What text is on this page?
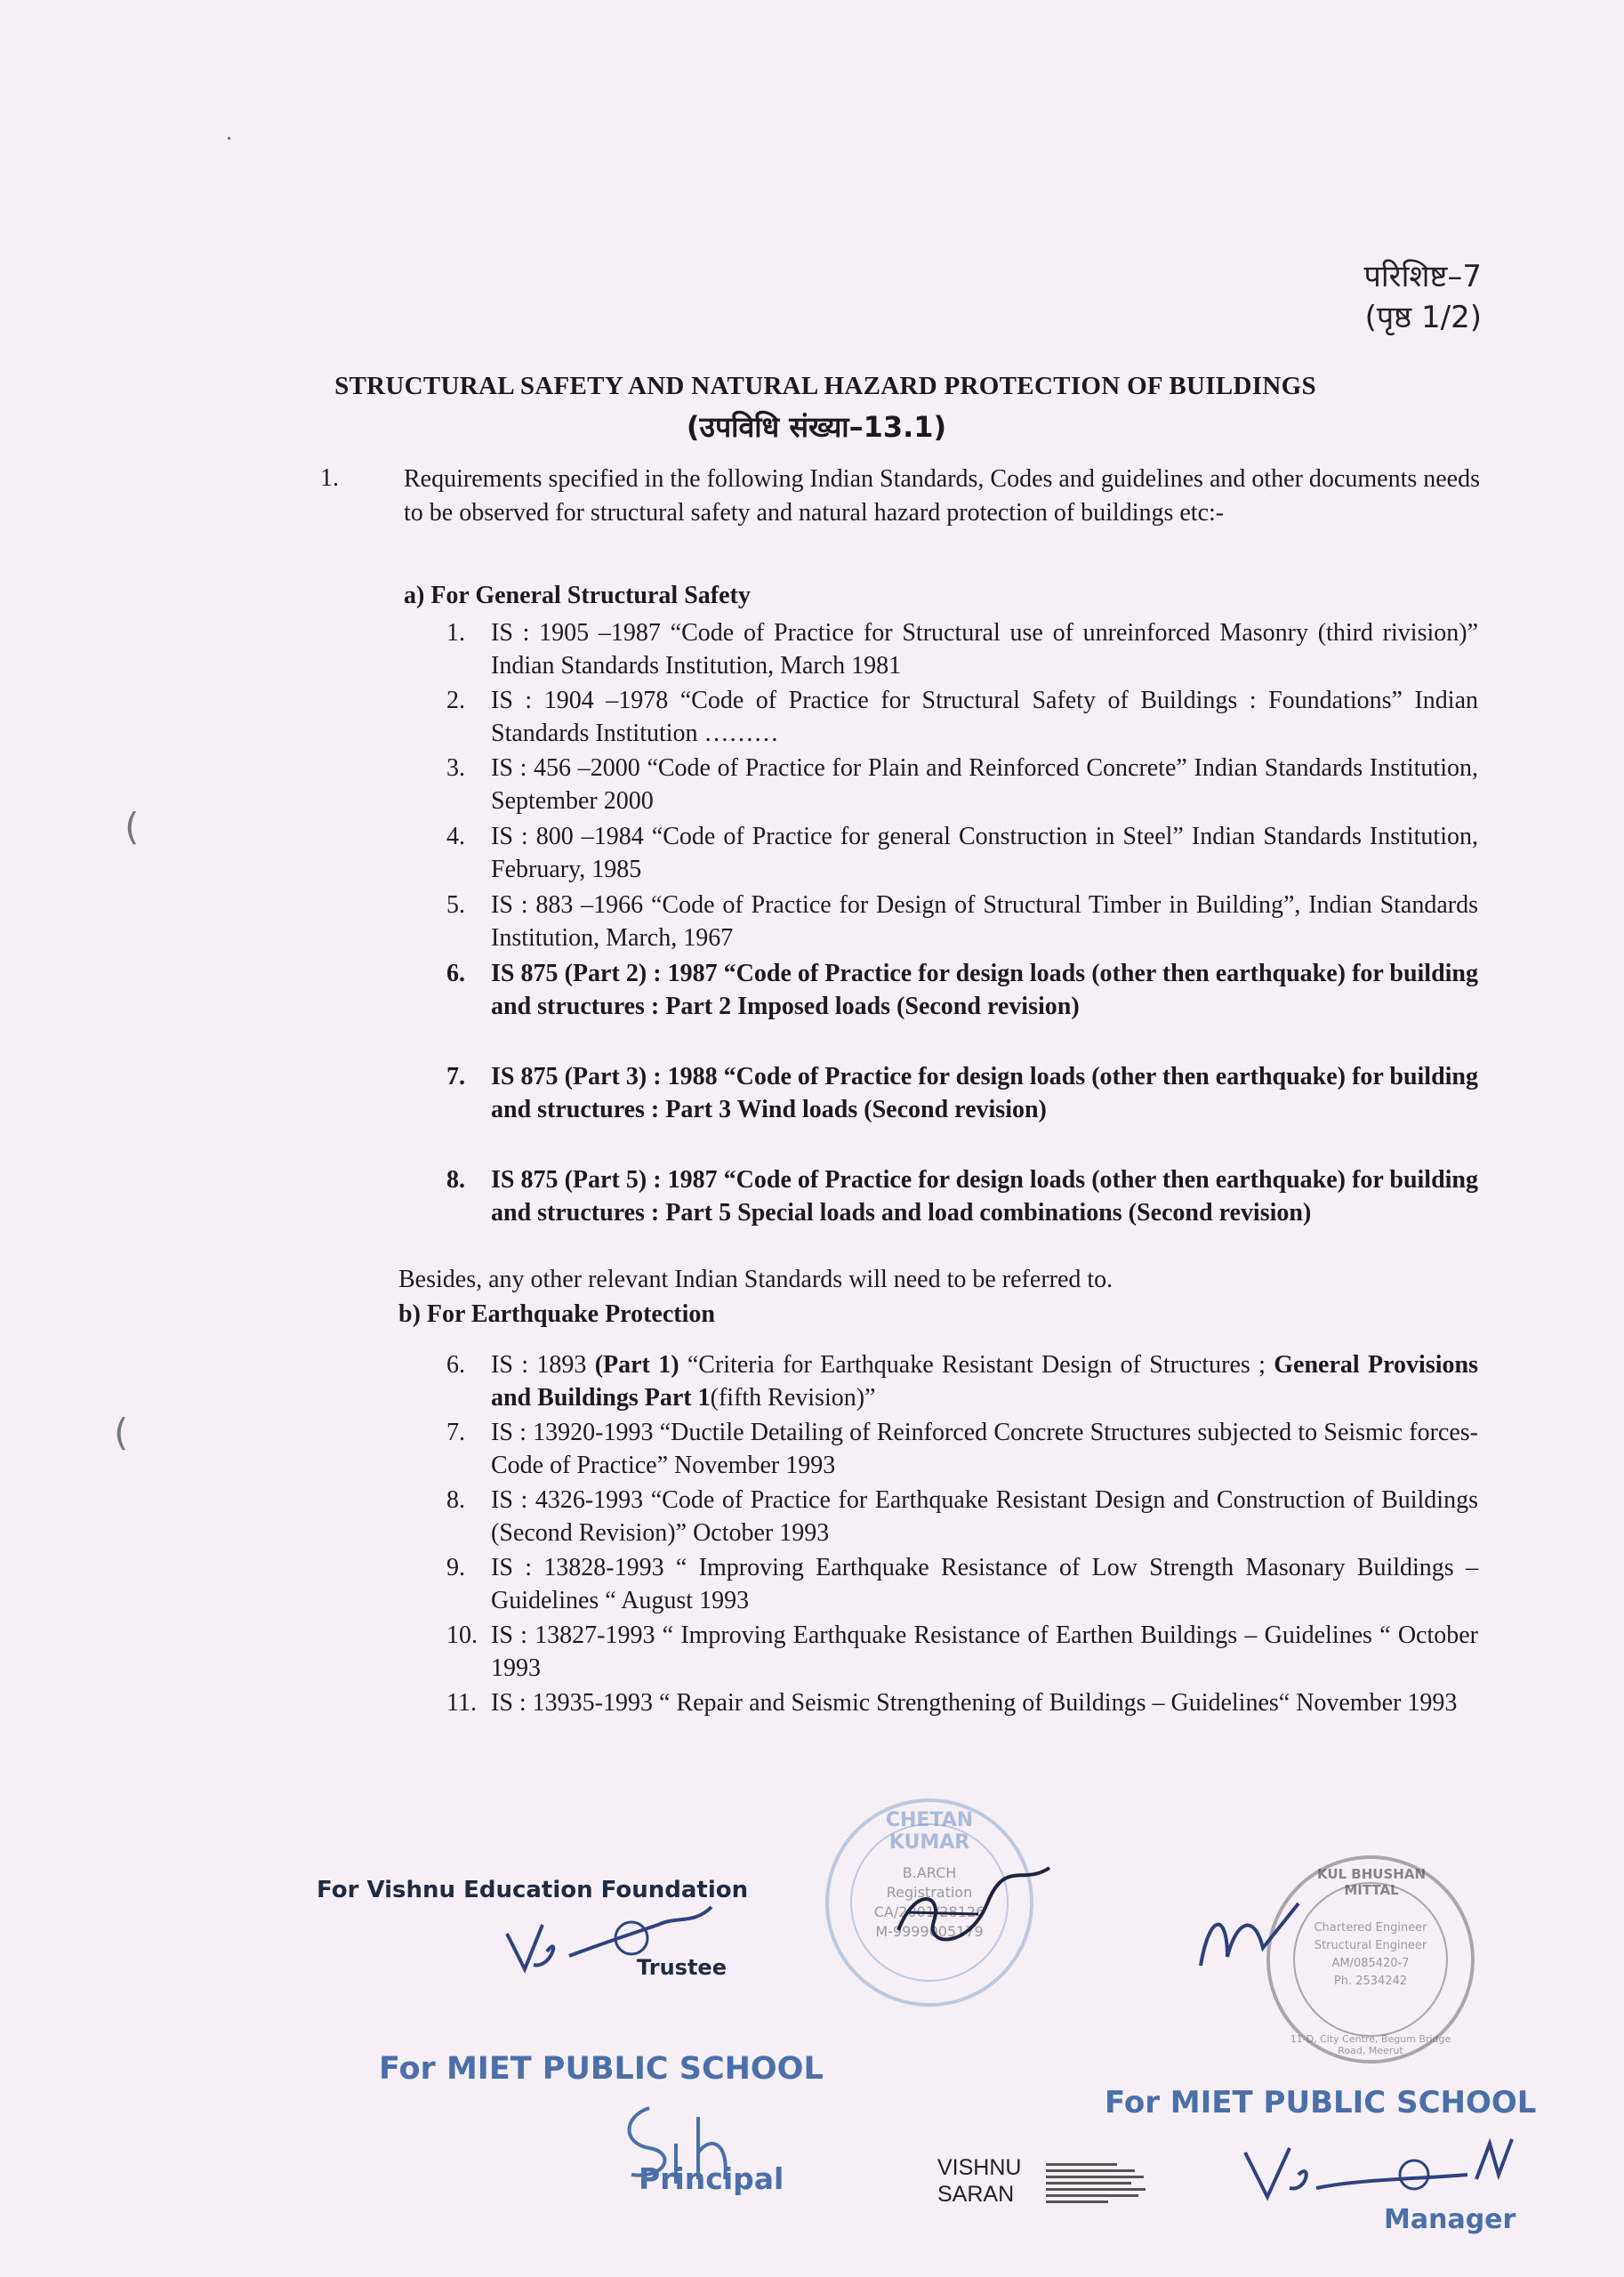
˙
(
(
परिशिष्ट–7
(पृष्ठ 1/2)
STRUCTURAL SAFETY AND NATURAL HAZARD PROTECTION OF BUILDINGS
(उपविधि संख्या–13.1)
1.	Requirements specified in the following Indian Standards, Codes and guidelines and other documents needs to be observed for structural safety and natural hazard protection of buildings etc:-
a) For General Structural Safety
1.	IS : 1905 –1987 “Code of Practice for Structural use of unreinforced Masonry (third rivision)” Indian Standards Institution, March 1981
2.	IS : 1904 –1978 “Code of Practice for Structural Safety of Buildings : Foundations” Indian Standards Institution ………
3.	IS : 456 –2000 “Code of Practice for Plain and Reinforced Concrete” Indian Standards Institution, September 2000
4.	IS : 800 –1984 “Code of Practice for general Construction in Steel” Indian Standards Institution, February, 1985
5.	IS : 883 –1966 “Code of Practice for Design of Structural Timber in Building”, Indian Standards Institution, March, 1967
6.	IS 875 (Part 2) : 1987 “Code of Practice for design loads (other then earthquake) for building and structures : Part 2 Imposed loads (Second revision)
7.	IS 875 (Part 3) : 1988 “Code of Practice for design loads (other then earthquake) for building and structures : Part 3 Wind loads (Second revision)
8.	IS 875 (Part 5) : 1987 “Code of Practice for design loads (other then earthquake) for building and structures : Part 5 Special loads and load combinations (Second revision)
Besides, any other relevant Indian Standards will need to be referred to.
b) For Earthquake Protection
6.	IS : 1893 (Part 1) “Criteria for Earthquake Resistant Design of Structures ; General Provisions and Buildings Part 1(fifth Revision)”
7.	IS : 13920-1993 “Ductile Detailing of Reinforced Concrete Structures subjected to Seismic forces- Code of Practice” November 1993
8.	IS : 4326-1993 “Code of Practice for Earthquake Resistant Design and Construction of Buildings (Second Revision)” October 1993
9.	IS : 13828-1993 “ Improving Earthquake Resistance of Low Strength Masonary Buildings – Guidelines “ August 1993
10. IS : 13827-1993 “ Improving Earthquake Resistance of Earthen Buildings – Guidelines “ October 1993
11. IS : 13935-1993 “ Repair and Seismic Strengthening of Buildings – Guidelines“ November 1993
CHETAN KUMAR
B.ARCH
Registration
CA/2001/28126
M-9999005179
KUL BHUSHAN MITTAL
Chartered Engineer
Structural Engineer
AM/085420-7
Ph. 2534242
11-D, City Centre, Begum Bridge Road, Meerut
For Vishnu Education Foundation
Trustee
For MIET PUBLIC SCHOOL
Principal	VISHNU
SARAN
For MIET PUBLIC SCHOOL
Manager
